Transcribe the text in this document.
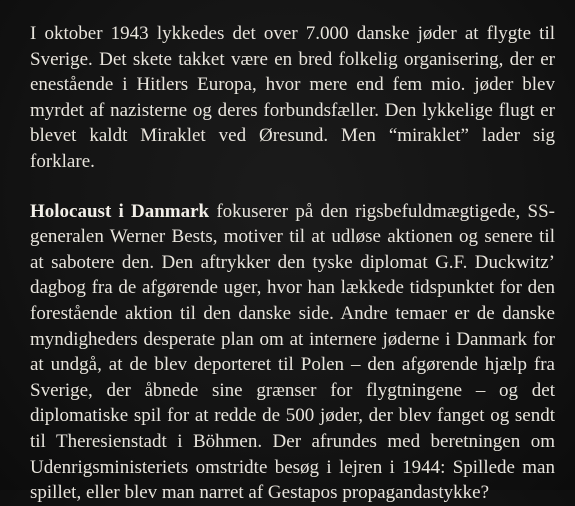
I oktober 1943 lykkedes det over 7.000 danske jøder at flygte til Sverige. Det skete takket være en bred folkelig organisering, der er enestående i Hitlers Europa, hvor mere end fem mio. jøder blev myrdet af nazisterne og deres forbundsfæller. Den lykkelige flugt er blevet kaldt Miraklet ved Øresund. Men “miraklet” lader sig forklare.

Holocaust i Danmark fokuserer på den rigsbefuldmægtigede, SS-generalen Werner Bests, motiver til at udløse aktionen og senere til at sabotere den. Den aftrykker den tyske diplomat G.F. Duckwitz’ dagbog fra de afgørende uger, hvor han lækkede tidspunktet for den forestående aktion til den danske side. Andre temaer er de danske myndigheders desperate plan om at internere jøderne i Danmark for at undgå, at de blev deporteret til Polen – den afgørende hjælp fra Sverige, der åbnede sine grænser for flygtningene – og det diplomatiske spil for at redde de 500 jøder, der blev fanget og sendt til Theresienstadt i Böhmen. Der afrundes med beretningen om Udenrigsministeriets omstridte besøg i lejren i 1944: Spillede man spillet, eller blev man narret af Gestapos propagandastykke?
